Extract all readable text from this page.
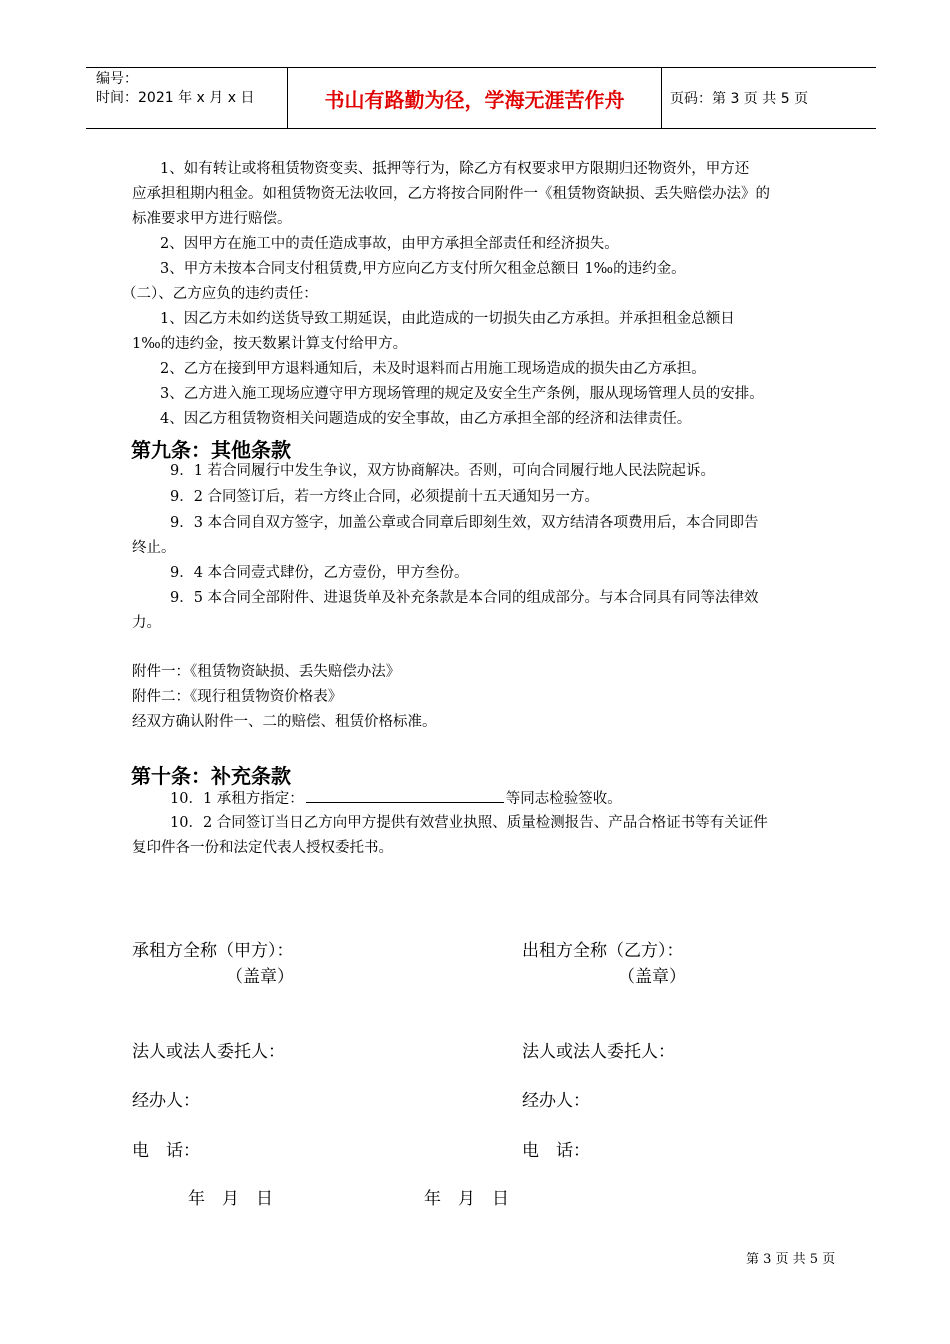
编号：
时间：2021 年 x 月 x 日	书山有路勤为径，学海无涯苦作舟	页码：第 3 页 共 5 页
1、如有转让或将租赁物资变卖、抵押等行为，除乙方有权要求甲方限期归还物资外，甲方还
应承担租期内租金。如租赁物资无法收回，乙方将按合同附件一《租赁物资缺损、丢失赔偿办法》的
标准要求甲方进行赔偿。
2、因甲方在施工中的责任造成事故，由甲方承担全部责任和经济损失。
3、甲方未按本合同支付租赁费,甲方应向乙方支付所欠租金总额日 1‰的违约金。
（二）、乙方应负的违约责任：
1、因乙方未如约送货导致工期延误，由此造成的一切损失由乙方承担。并承担租金总额日
1‰的违约金，按天数累计算支付给甲方。
2、乙方在接到甲方退料通知后，未及时退料而占用施工现场造成的损失由乙方承担。
3、乙方进入施工现场应遵守甲方现场管理的规定及安全生产条例，服从现场管理人员的安排。
4、因乙方租赁物资相关问题造成的安全事故，由乙方承担全部的经济和法律责任。
第九条：其他条款
9．1 若合同履行中发生争议，双方协商解决。否则，可向合同履行地人民法院起诉。
9．2 合同签订后，若一方终止合同，必须提前十五天通知另一方。
9．3 本合同自双方签字，加盖公章或合同章后即刻生效，双方结清各项费用后，本合同即告
终止。
9．4 本合同壹式肆份，乙方壹份，甲方叁份。
9．5 本合同全部附件、进退货单及补充条款是本合同的组成部分。与本合同具有同等法律效
力。
附件一：《租赁物资缺损、丢失赔偿办法》
附件二：《现行租赁物资价格表》
经双方确认附件一、二的赔偿、租赁价格标准。
第十条：补充条款
10．1 承租方指定：	等同志检验签收。
10．2 合同签订当日乙方向甲方提供有效营业执照、质量检测报告、产品合格证书等有关证件
复印件各一份和法定代表人授权委托书。
承租方全称（甲方）：	出租方全称（乙方）：
（盖章）	（盖章）
法人或法人委托人：	法人或法人委托人：
经办人：	经办人：
电　话：	电　话：
年　月　日	年　月　日
第 3 页 共 5 页
